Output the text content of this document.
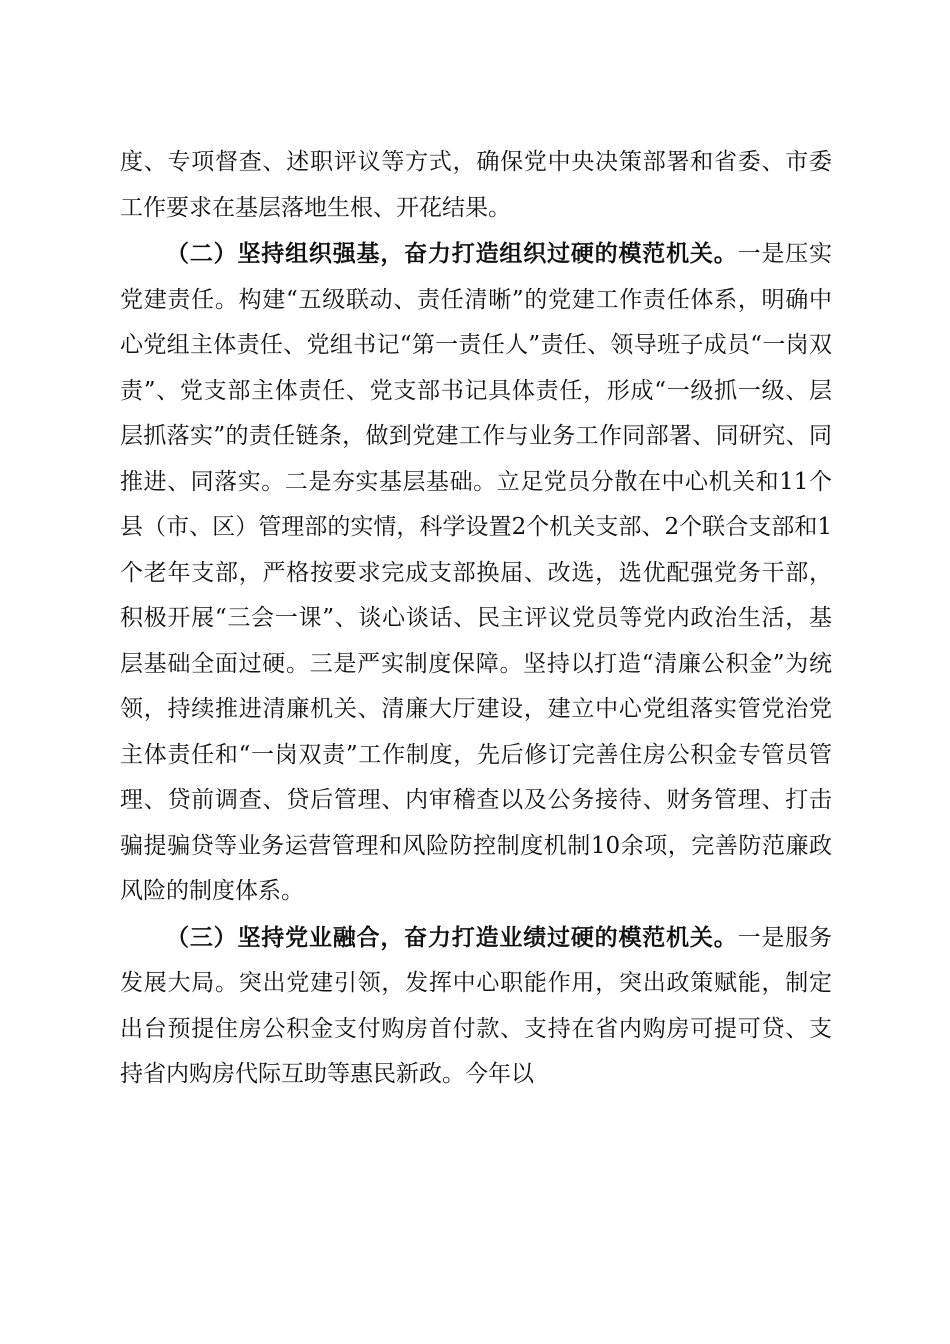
度、专项督查、述职评议等方式，确保党中央决策部署和省委、市委工作要求在基层落地生根、开花结果。

（二）坚持组织强基，奋力打造组织过硬的模范机关。一是压实党建责任。构建“五级联动、责任清晰”的党建工作责任体系，明确中心党组主体责任、党组书记“第一责任人”责任、领导班子成员“一岗双责”、党支部主体责任、党支部书记具体责任，形成“一级抓一级、层层抓落实”的责任链条，做到党建工作与业务工作同部署、同研究、同推进、同落实。二是夯实基层基础。立足党员分散在中心机关和11个县（市、区）管理部的实情，科学设置2个机关支部、2个联合支部和1个老年支部，严格按要求完成支部换届、改选，选优配强党务干部，积极开展“三会一课”、谈心谈话、民主评议党员等党内政治生活，基层基础全面过硬。三是严实制度保障。坚持以打造“清廉公积金”为统领，持续推进清廉机关、清廉大厅建设，建立中心党组落实管党治党主体责任和“一岗双责”工作制度，先后修订完善住房公积金专管员管理、贷前调查、贷后管理、内审稽查以及公务接待、财务管理、打击骗提骗贷等业务运营管理和风险防控制度机制10余项，完善防范廉政风险的制度体系。

（三）坚持党业融合，奋力打造业绩过硬的模范机关。一是服务发展大局。突出党建引领，发挥中心职能作用，突出政策赋能，制定出台预提住房公积金支付购房首付款、支持在省内购房可提可贷、支持省内购房代际互助等惠民新政。今年以
